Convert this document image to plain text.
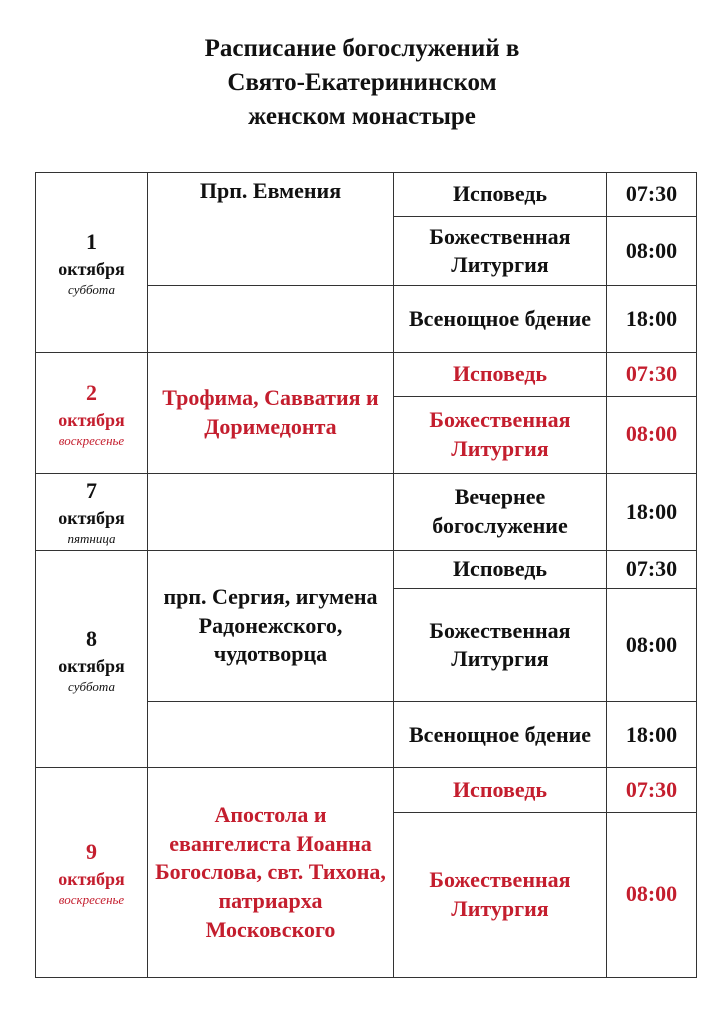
Расписание богослужений в
Свято-Екатерининском
женском монастыре
1
октября
суббота	Прп. Евмения	Исповедь	07:30
		Божественная Литургия	08:00
		Всенощное бдение	18:00

2
октября
воскресенье	Трофима, Савватия и Доримедонта	Исповедь	07:30
		Божественная Литургия	08:00

7
октября
пятница		Вечернее богослужение	18:00

8
октября
суббота	прп. Сергия, игумена Радонежского, чудотворца	Исповедь	07:30
		Божественная Литургия	08:00
		Всенощное бдение	18:00

9
октября
воскресенье	Апостола и евангелиста Иоанна Богослова, свт. Тихона, патриарха Московского	Исповедь	07:30
		Божественная Литургия	08:00
